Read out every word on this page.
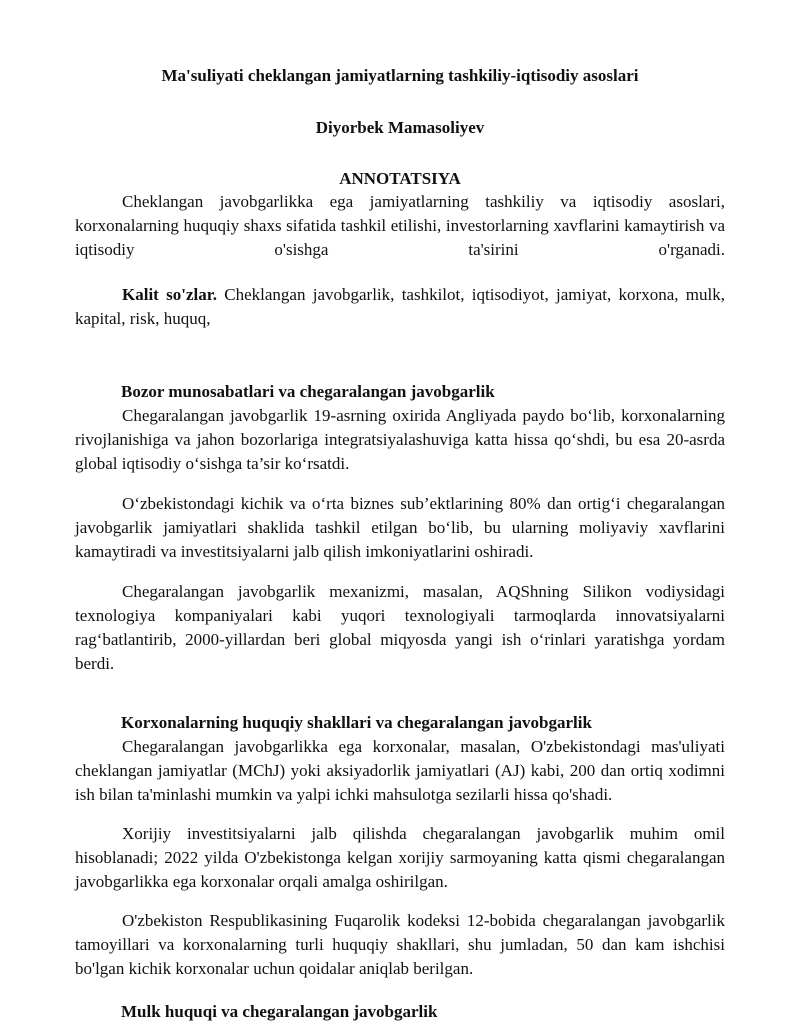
Ma'suliyati cheklangan jamiyatlarning tashkiliy-iqtisodiy asoslari
Diyorbek Mamasoliyev
ANNOTATSIYA

Cheklangan javobgarlikka ega jamiyatlarning tashkiliy va iqtisodiy asoslari, korxonalarning huquqiy shaxs sifatida tashkil etilishi, investorlarning xavflarini kamaytirish va iqtisodiy o'sishga ta'sirini o'rganadi.

Kalit so'zlar. Cheklangan javobgarlik, tashkilot, iqtisodiyot, jamiyat, korxona, mulk, kapital, risk, huquq,

Bozor munosabatlari va chegaralangan javobgarlik

Chegaralangan javobgarlik 19-asrning oxirida Angliyada paydo bo‘lib, korxonalarning rivojlanishiga va jahon bozorlariga integratsiyalashuviga katta hissa qo‘shdi, bu esa 20-asrda global iqtisodiy o‘sishga ta’sir ko‘rsatdi.

O‘zbekistondagi kichik va o‘rta biznes sub’ektlarining 80% dan ortig‘i chegaralangan javobgarlik jamiyatlari shaklida tashkil etilgan bo‘lib, bu ularning moliyaviy xavflarini kamaytiradi va investitsiyalarni jalb qilish imkoniyatlarini oshiradi.

Chegaralangan javobgarlik mexanizmi, masalan, AQShning Silikon vodiysidagi texnologiya kompaniyalari kabi yuqori texnologiyali tarmoqlarda innovatsiyalarni rag‘batlantirib, 2000-yillardan beri global miqyosda yangi ish o‘rinlari yaratishga yordam berdi.

Korxonalarning huquqiy shakllari va chegaralangan javobgarlik

Chegaralangan javobgarlikka ega korxonalar, masalan, O'zbekistondagi mas'uliyati cheklangan jamiyatlar (MChJ) yoki aksiyadorlik jamiyatlari (AJ) kabi, 200 dan ortiq xodimni ish bilan ta'minlashi mumkin va yalpi ichki mahsulotga sezilarli hissa qo'shadi.

Xorijiy investitsiyalarni jalb qilishda chegaralangan javobgarlik muhim omil hisoblanadi; 2022 yilda O'zbekistonga kelgan xorijiy sarmoyaning katta qismi chegaralangan javobgarlikka ega korxonalar orqali amalga oshirilgan.

O'zbekiston Respublikasining Fuqarolik kodeksi 12-bobida chegaralangan javobgarlik tamoyillari va korxonalarning turli huquqiy shakllari, shu jumladan, 50 dan kam ishchisi bo'lgan kichik korxonalar uchun qoidalar aniqlab berilgan.

Mulk huquqi va chegaralangan javobgarlik
